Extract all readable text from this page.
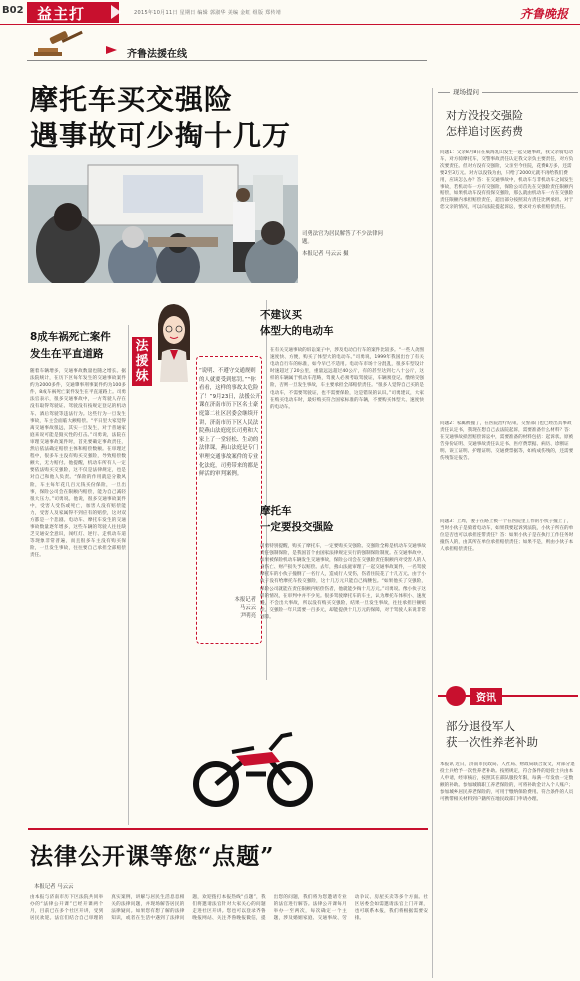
B02 益主打	2015年10月11日 星期日 编辑 郭淑华 美编 金虹 组版 郑传靖	齐鲁晚报
齐鲁法援在线
摩托车买交强险
遇事故可少掏十几万
司勇法官为居民解答了不少法律问题。
本报记者 马云云 摄
8成车祸死亡案件
发生在平直道路
随着车辆增多，交通事故数量也随之增长。据法院统计，在历下区每年发生的交通事故案件约为2000多件，交通肇事刑事案件约为100多件，8成车祸死亡案件发生在平直道路上。司勇法官表示，很多交通事故中，一方驾驶人存在没有取得驾驶证、驾驶没有按规定登记的机动车、酒后驾驶等违法行为。这些行为一旦发生事故，车主会面临大额赔偿。“平日里大家觉得离交通事故很远，其实一旦发生，对于普通家庭来说可能是毁灭性的打击。”司勇说，法院在审理交通事故案件时，首先要确定事故责任，然后依法确定赔偿主体和赔偿数额。在审理过程中，很多车主没有购买交强险，导致赔偿数额大，无力赔付。他提醒，机动车所有人一定要依法购买交强险，这不仅是法律规定，也是对自己和他人负责。“保险的作用就是分散风险，车主每年花几百元钱买份保险，一旦出事，保险公司会在限额内赔偿，能为自己减轻很大压力。”司勇说。他说，很多交通事故案件中，受害人受伤或死亡，加害人没有赔偿能力，受害人及家属得不到应有的赔偿，这对双方都是一个悲剧。电动车、摩托车发生的交通事故数量逐年增多，这些车辆的驾驶人往往缺乏交通安全意识，闯红灯、逆行、走机动车道等现象非常普遍，而且很多车主没有购买保险，一旦发生事故，往往要自己承担全部赔偿责任。
法援妹	“说明、不遵守交通规则的人就要受到惩罚。”“你看看，这样的事故太危险了！”9月23日，法援公开课在济南市历下区名士豪庭第二社区居委会继续开讲，济南市历下区人民法院燕山法庭庭长司勇和大家上了一堂轻松、生动的法律课，燕山法庭是专门审理交通事故案件的专业化法庭，司勇带来的都是鲜活的审判案例。
本报记者
马云云
尹明亮
不建议买
体型大的电动车
在有关交通事故的诉讼案子中，涉及电动自行车的案件比较多。“一些人贪图速度快、方便，购买了体型大的电动车。”司勇说，1999年我国出台了有关电动自行车的标准，如今早已不适用。电动车市场十分混乱，很多车型设计时速超过了20公里，重量远远超过40公斤，有的甚至达到七八十公斤，这样的车辆属于机动车范畴，驾驶人必须考取驾驶证，车辆须登记、缴纳交强险，否则一旦发生事故，车主要承担全部赔偿责任。“很多人觉得自己买的是电动车，不需要驾驶证，也不需要保险，这是错误的认识。”司勇建议，大家在购买电动车时，最好购买符合国家标准的车辆，不要购买体型大、速度快的电动车。
摩托车
一定要投交强险
司勇特别提醒，购买了摩托车，一定要购买交强险。交强险全称是机动车交通事故责任强制保险，是我国首个由国家法律规定实行的强制保险制度。在交通事故中，如果被保险机动车辆发生交通事故，保险公司会在交强险责任限额内对受害人的人身伤亡、财产损失予以赔偿。去年，燕山法庭审理了一起交通事故案件，一名驾驶摩托车的小伙子撞倒了一名行人，造成行人受伤，伤者住院花了十几万元。由于小伙子没有给摩托车投交强险，这十几万元只能自己掏腰包。“如果他买了交强险，保险公司就能在责任限额内赔偿伤者，他就能少掏十几万元。”司勇说。像小伙子这样的情况，在审判中并不少见。很多驾驶摩托车的车主，认为摩托车体积小、速度慢，不会出大事故，所以没有购买交强险，结果一旦发生事故，往往承担巨额赔偿。交强险一年只需要一百多元，却能提供十几万元的保障，对于驾驶人来说非常划算。
现场提问
对方没投交强险
怎样追讨医药费
问题1：父亲8月8日在威海乳山发生一起交通事故，我父亲骑电动车，对方骑摩托车，交警事故责任认定我父亲负主要责任，对方负次要责任。但对方没有交强险，父亲至今住院，花费8万多，还需要2至3万元。对方以没钱为由，只给了2000元就不再给我们费用，应该怎么办？答：在交通事故中，机动车与非机动车之间发生事故，若机动车一方有交强险，保险公司首先在交强险责任限额内赔偿，如果机动车没有投保交强险，那么就由机动车一方在交强险责任限额内承担赔偿责任，超出部分按照双方责任比例承担。对于您父亲的情况，可以向法院提起诉讼，要求对方承担赔偿责任。
问题2：家属被撞了，在医院治疗结束，交警部门也已经出具事故责任认定书，我现在想自己去法院起诉，需要准备什么材料？答：在交通事故损害赔偿诉讼中，需要准备的材料包括：起诉状、原被告身份证明、交通事故责任认定书、医疗费票据、病历、诊断证明、误工证明、护理证明、交通费票据等，如构成伤残的，还需要伤残鉴定报告。
问题3：上周，妻子在路上被一个在医院里工作的小伙子撞上了，当时小伙子是骑着电动车，如果我要起诉到法院，小伙子所在的单位是否也可以承担连带责任？答：如果小伙子是在执行工作任务时撞伤人的，由其所在单位承担赔偿责任；如果不是，则由小伙子本人承担赔偿责任。
资讯
部分退役军人
获一次性养老补助
本报讯 近日，济南市民政局、人社局、财政局联合发文，对部分退役士兵给予一次性养老补助。按照规定，符合条件的退役士兵由本人申请，经审核后，按照其在部队服役年限，每满一年发放一定数额的补助。参加城镇职工养老保险的，可将补助金计入个人账户；参加城乡居民养老保险的，可用于缴纳保险费用。符合条件的人员可携带相关材料到户籍所在地民政部门申请办理。
法律公开课等您“点题”
本报记者 马云云
由本报与济南市历下区法院共同举办的“法律公开课”已经开课两个月，目前已在多个社区开讲，受到居民欢迎。法官们结合自己审理的真实案例，讲解与居民生活息息相关的法律问题，并现场解答居民的法律疑问。如果您有想了解的法律知识，或者在生活中遇到了法律问题，欢迎拨打本报热线“点题”，我们将邀请法官针对大家关心的问题走进社区开讲。您也可以登录齐鲁晚报网站、关注齐鲁晚报微信，提出您的问题，我们将为您邀请专业的法官进行解答。法律公开课每月举办一至两次，每次确定一个主题，涉及婚姻家庭、交通事故、劳动争议、房屋买卖等多个方面。社区居委会如需邀请法官上门开课，也可联系本报，我们将根据需要安排。
